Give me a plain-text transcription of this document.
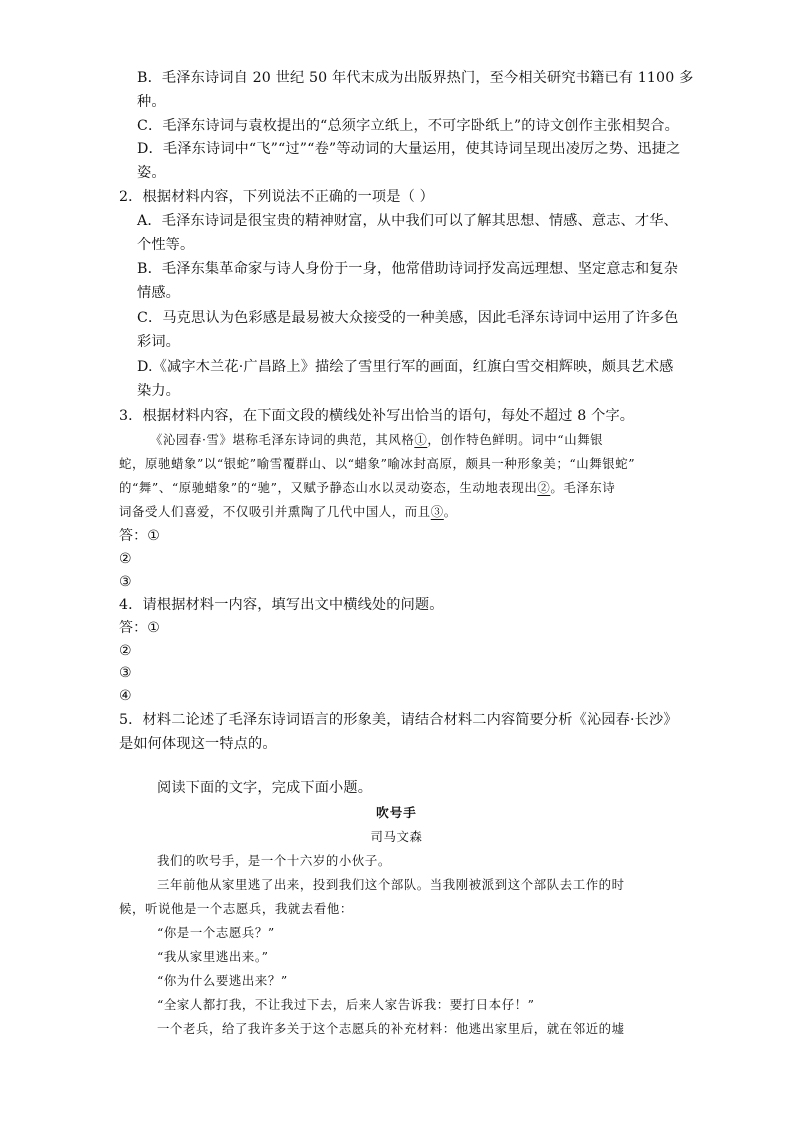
B．毛泽东诗词自 20 世纪 50 年代末成为出版界热门，至今相关研究书籍已有 1100 多
种。
C．毛泽东诗词与袁枚提出的“总须字立纸上，不可字卧纸上”的诗文创作主张相契合。
D．毛泽东诗词中“飞”“过”“卷”等动词的大量运用，使其诗词呈现出凌厉之势、迅捷之
姿。
2．根据材料内容，下列说法不正确的一项是（ ）
A．毛泽东诗词是很宝贵的精神财富，从中我们可以了解其思想、情感、意志、才华、
个性等。
B．毛泽东集革命家与诗人身份于一身，他常借助诗词抒发高远理想、坚定意志和复杂
情感。
C．马克思认为色彩感是最易被大众接受的一种美感，因此毛泽东诗词中运用了许多色
彩词。
D.《减字木兰花·广昌路上》描绘了雪里行军的画面，红旗白雪交相辉映，颇具艺术感
染力。
3．根据材料内容，在下面文段的横线处补写出恰当的语句，每处不超过 8 个字。
《沁园春·雪》堪称毛泽东诗词的典范，其风格①，创作特色鲜明。词中“山舞银
蛇，原驰蜡象”以“银蛇”喻雪覆群山、以“蜡象”喻冰封高原，颇具一种形象美；“山舞银蛇”
的“舞”、“原驰蜡象”的“驰”，又赋予静态山水以灵动姿态，生动地表现出②。毛泽东诗
词备受人们喜爱，不仅吸引并熏陶了几代中国人，而且③。
答：①
②
③
4．请根据材料一内容，填写出文中横线处的问题。
答：①
②
③
④
5．材料二论述了毛泽东诗词语言的形象美，请结合材料二内容简要分析《沁园春·长沙》
是如何体现这一特点的。
阅读下面的文字，完成下面小题。
吹号手
司马文森
我们的吹号手，是一个十六岁的小伙子。
三年前他从家里逃了出来，投到我们这个部队。当我刚被派到这个部队去工作的时
候，听说他是一个志愿兵，我就去看他：
“你是一个志愿兵？”
“我从家里逃出来。”
“你为什么要逃出来？”
“全家人都打我，不让我过下去，后来人家告诉我：要打日本仔！”
一个老兵，给了我许多关于这个志愿兵的补充材料：他逃出家里后，就在邻近的墟
